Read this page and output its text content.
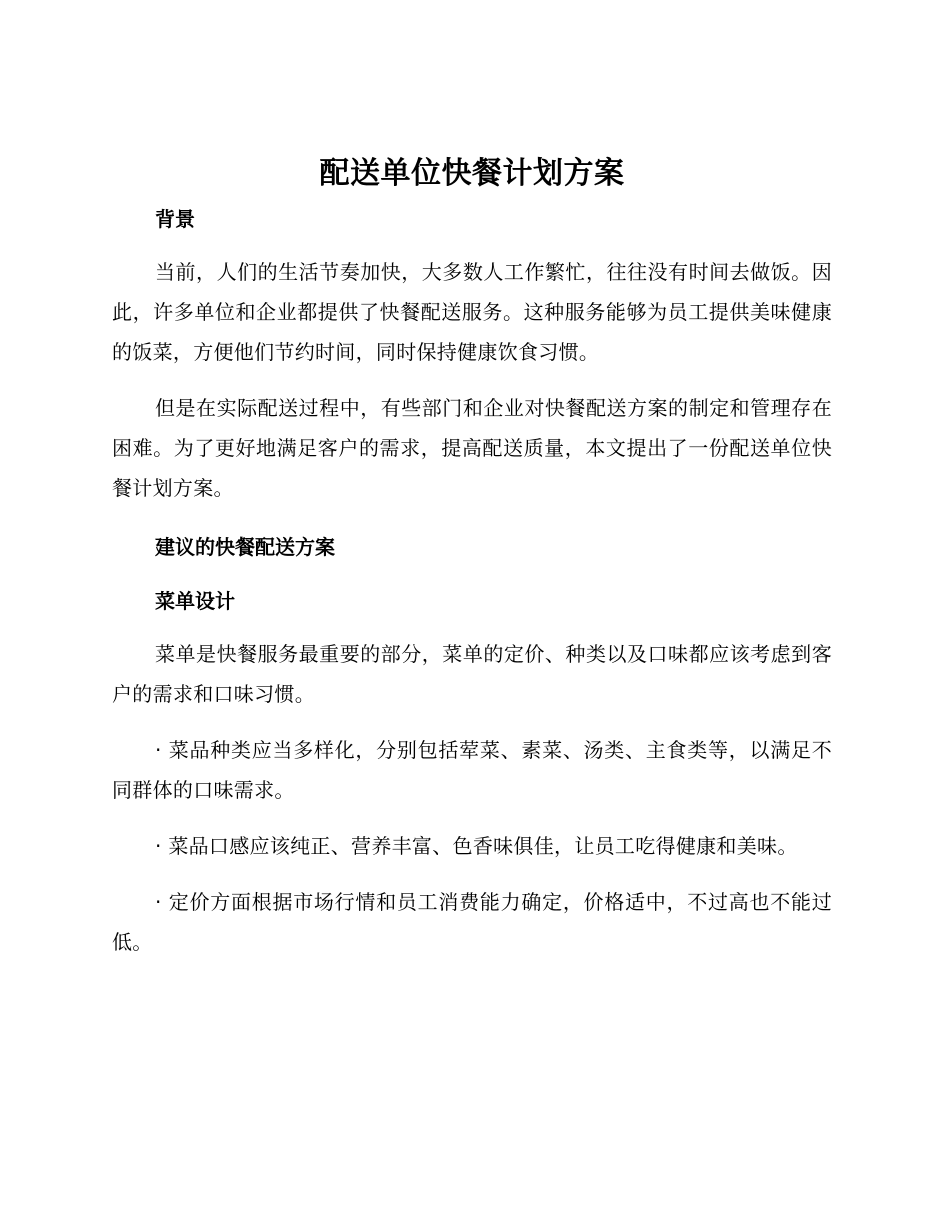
配送单位快餐计划方案
背景

当前，人们的生活节奏加快，大多数人工作繁忙，往往没有时间去做饭。因此，许多单位和企业都提供了快餐配送服务。这种服务能够为员工提供美味健康的饭菜，方便他们节约时间，同时保持健康饮食习惯。

但是在实际配送过程中，有些部门和企业对快餐配送方案的制定和管理存在困难。为了更好地满足客户的需求，提高配送质量，本文提出了一份配送单位快餐计划方案。

建议的快餐配送方案
菜单设计

菜单是快餐服务最重要的部分，菜单的定价、种类以及口味都应该考虑到客户的需求和口味习惯。

· 菜品种类应当多样化，分别包括荤菜、素菜、汤类、主食类等，以满足不同群体的口味需求。

· 菜品口感应该纯正、营养丰富、色香味俱佳，让员工吃得健康和美味。

· 定价方面根据市场行情和员工消费能力确定，价格适中，不过高也不能过低。
